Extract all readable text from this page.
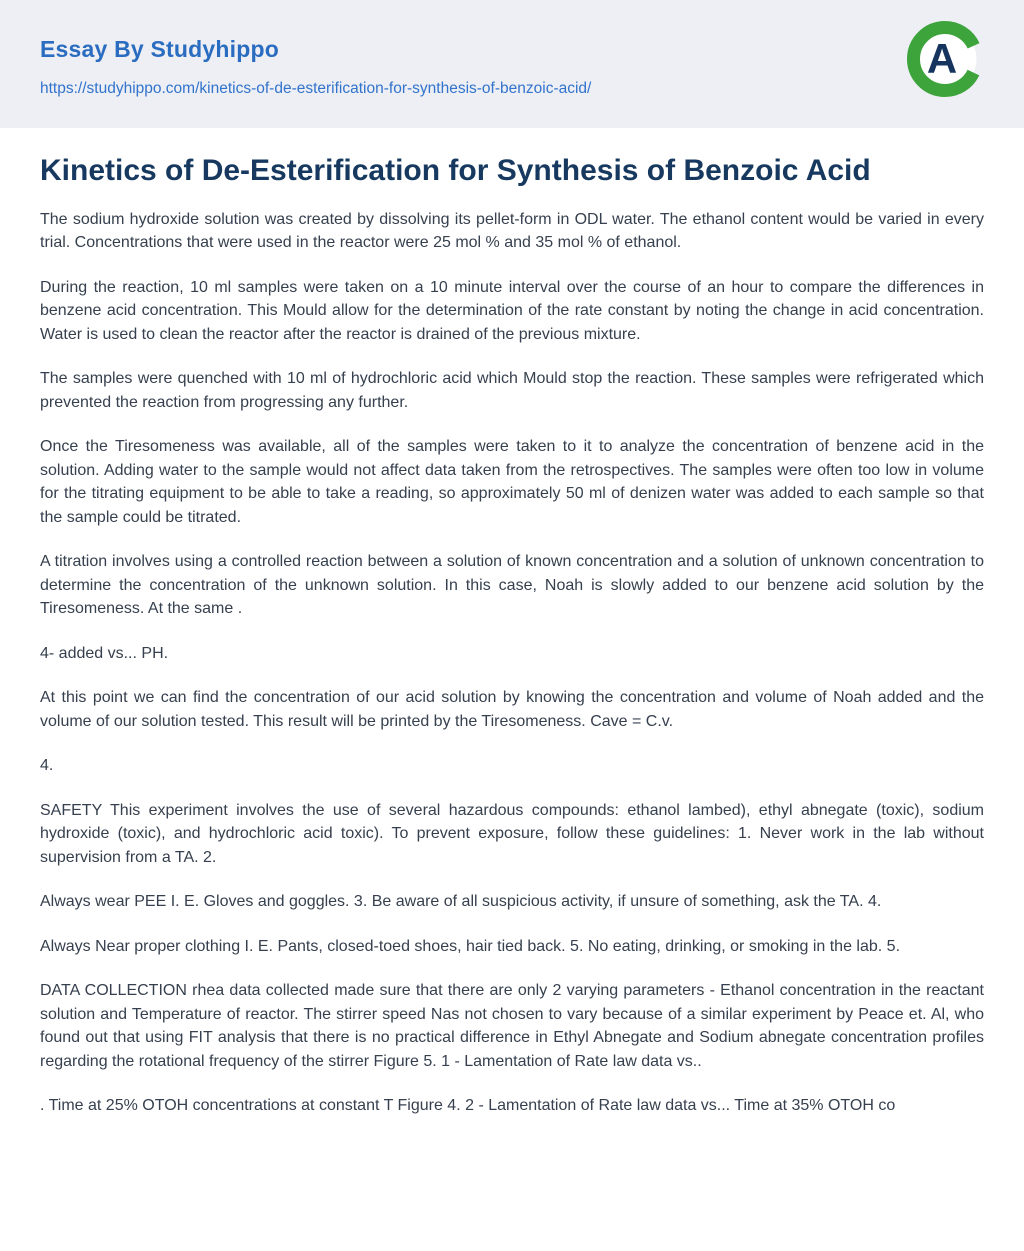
Essay By Studyhippo
https://studyhippo.com/kinetics-of-de-esterification-for-synthesis-of-benzoic-acid/
A
Kinetics of De-Esterification for Synthesis of Benzoic Acid

The sodium hydroxide solution was created by dissolving its pellet-form in ODL water. The ethanol content would be varied in every trial. Concentrations that were used in the reactor were 25 mol % and 35 mol % of ethanol.

During the reaction, 10 ml samples were taken on a 10 minute interval over the course of an hour to compare the differences in benzene acid concentration. This Mould allow for the determination of the rate constant by noting the change in acid concentration. Water is used to clean the reactor after the reactor is drained of the previous mixture.

The samples were quenched with 10 ml of hydrochloric acid which Mould stop the reaction. These samples were refrigerated which prevented the reaction from progressing any further.

Once the Tiresomeness was available, all of the samples were taken to it to analyze the concentration of benzene acid in the solution. Adding water to the sample would not affect data taken from the retrospectives. The samples were often too low in volume for the titrating equipment to be able to take a reading, so approximately 50 ml of denizen water was added to each sample so that the sample could be titrated.

A titration involves using a controlled reaction between a solution of known concentration and a solution of unknown concentration to determine the concentration of the unknown solution. In this case, Noah is slowly added to our benzene acid solution by the Tiresomeness. At the same .

4- added vs... PH.

At this point we can find the concentration of our acid solution by knowing the concentration and volume of Noah added and the volume of our solution tested. This result will be printed by the Tiresomeness. Cave = C.v.

4.

SAFETY This experiment involves the use of several hazardous compounds: ethanol lambed), ethyl abnegate (toxic), sodium hydroxide (toxic), and hydrochloric acid toxic). To prevent exposure, follow these guidelines: 1. Never work in the lab without supervision from a TA. 2.

Always wear PEE I. E. Gloves and goggles. 3. Be aware of all suspicious activity, if unsure of something, ask the TA. 4.

Always Near proper clothing I. E. Pants, closed-toed shoes, hair tied back. 5. No eating, drinking, or smoking in the lab. 5.

DATA COLLECTION rhea data collected made sure that there are only 2 varying parameters - Ethanol concentration in the reactant solution and Temperature of reactor. The stirrer speed Nas not chosen to vary because of a similar experiment by Peace et. Al, who found out that using FIT analysis that there is no practical difference in Ethyl Abnegate and Sodium abnegate concentration profiles regarding the rotational frequency of the stirrer Figure 5. 1 - Lamentation of Rate law data vs..

. Time at 25% OTOH concentrations at constant T Figure 4. 2 - Lamentation of Rate law data vs... Time at 35% OTOH co
